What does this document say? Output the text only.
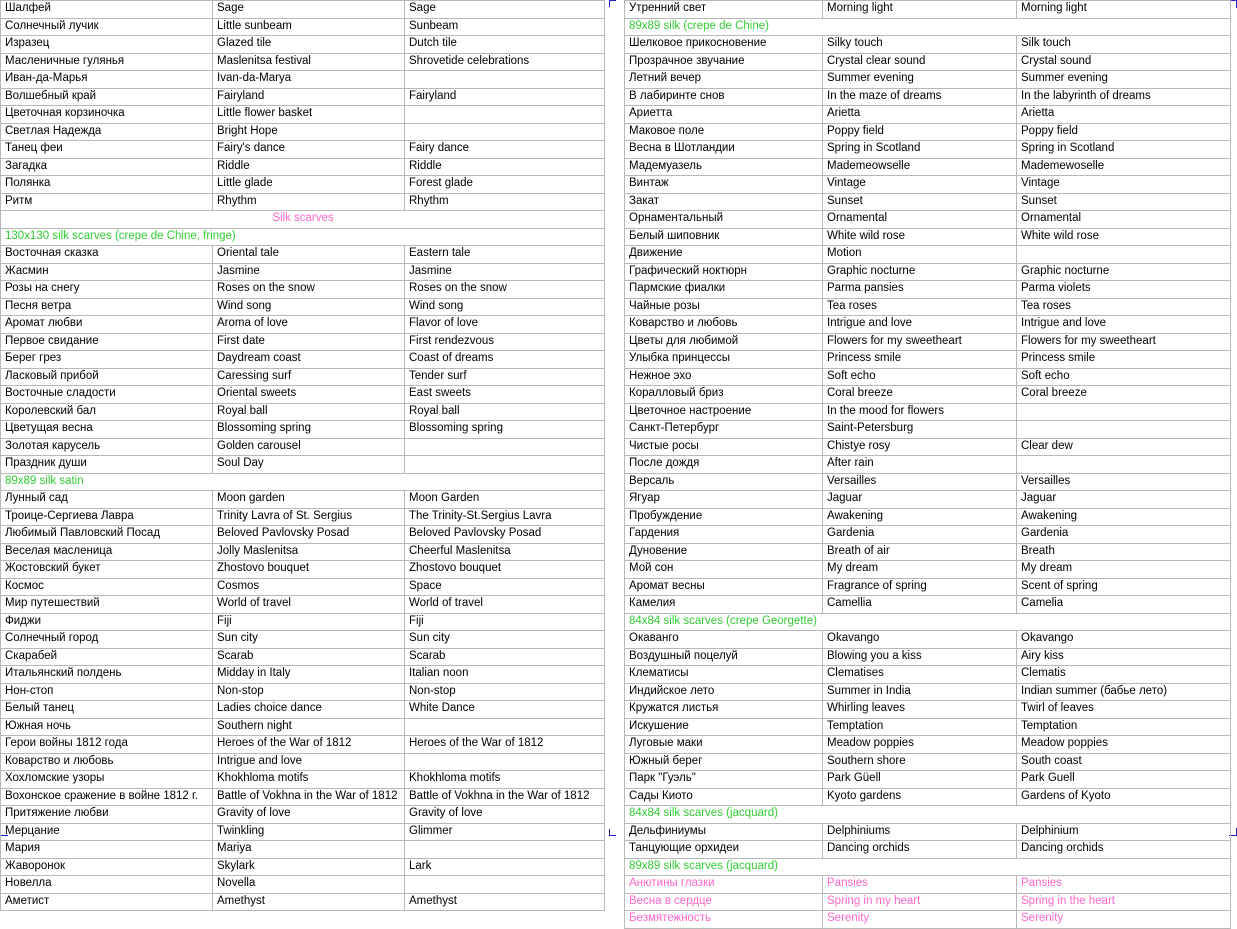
Шалфей	Sage	Sage
Солнечный лучик	Little sunbeam	Sunbeam
Изразец	Glazed tile	Dutch tile
Масленичные гулянья	Maslenitsa festival	Shrovetide celebrations
Иван-да-Марья	Ivan-da-Marya	
Волшебный край	Fairyland	Fairyland
Цветочная корзиночка	Little flower basket	
Светлая Надежда	Bright Hope	
Танец феи	Fairy's dance	Fairy dance
Загадка	Riddle	Riddle
Полянка	Little glade	Forest glade
Ритм	Rhythm	Rhythm
Silk scarves		
130x130 silk scarves (crepe de Chine, fringe)		
Восточная сказка	Oriental tale	Eastern tale
Жасмин	Jasmine	Jasmine
Розы на снегу	Roses on the snow	Roses on the snow
Песня ветра	Wind song	Wind song
Аромат любви	Aroma of love	Flavor of love
Первое свидание	First date	First rendezvous
Берег грез	Daydream coast	Coast of dreams
Ласковый прибой	Caressing surf	Tender surf
Восточные сладости	Oriental sweets	East sweets
Королевский бал	Royal ball	Royal ball
Цветущая весна	Blossoming spring	Blossoming spring
Золотая карусель	Golden carousel	
Праздник души	Soul Day	
89x89 silk satin		
Лунный сад	Moon garden	Moon Garden
Троице-Сергиева Лавра	Trinity Lavra of St. Sergius	The Trinity-St.Sergius Lavra
Любимый Павловский Посад	Beloved Pavlovsky Posad	Beloved Pavlovsky Posad
Веселая масленица	Jolly Maslenitsa	Cheerful Maslenitsa
Жостовский букет	Zhostovo bouquet	Zhostovo bouquet
Космос	Cosmos	Space
Мир путешествий	World of travel	World of travel
Фиджи	Fiji	Fiji
Солнечный город	Sun city	Sun city
Скарабей	Scarab	Scarab
Итальянский полдень	Midday in Italy	Italian noon
Нон-стоп	Non-stop	Non-stop
Белый танец	Ladies choice dance	White Dance
Южная ночь	Southern night	
Герои войны 1812 года	Heroes of the War of 1812	Heroes of the War of 1812
Коварство и любовь	Intrigue and love	
Хохломские узоры	Khokhloma motifs	Khokhloma motifs
Вохонское сражение в войне 1812 г.	Battle of Vokhna in the War of 1812	Battle of Vokhna in the War of 1812
Притяжение любви	Gravity of love	Gravity of love
Мерцание	Twinkling	Glimmer
Мария	Mariya	
Жаворонок	Skylark	Lark
Новелла	Novella	
Аметист	Amethyst	Amethyst
Утренний свет	Morning light	Morning light
89x89 silk (crepe de Chine)		
Шелковое прикосновение	Silky touch	Silk touch
Прозрачное звучание	Crystal clear sound	Crystal sound
Летний вечер	Summer evening	Summer evening
В лабиринте снов	In the maze of dreams	In the labyrinth of dreams
Ариетта	Arietta	Arietta
Маковое поле	Poppy field	Poppy field
Весна в Шотландии	Spring in Scotland	Spring in Scotland
Мадемуазель	Mademeowselle	Mademewoselle
Винтаж	Vintage	Vintage
Закат	Sunset	Sunset
Орнаментальный	Ornamental	Ornamental
Белый шиповник	White wild rose	White wild rose
Движение	Motion	
Графический ноктюрн	Graphic nocturne	Graphic nocturne
Пармские фиалки	Parma pansies	Parma violets
Чайные розы	Tea roses	Tea roses
Коварство и любовь	Intrigue and love	Intrigue and love
Цветы для любимой	Flowers for my sweetheart	Flowers for my sweetheart
Улыбка принцессы	Princess smile	Princess smile
Нежное эхо	Soft echo	Soft echo
Коралловый бриз	Coral breeze	Coral breeze
Цветочное настроение	In the mood for flowers	
Санкт-Петербург	Saint-Petersburg	
Чистые росы	Chistye rosy	Clear dew
После дождя	After rain	
Версаль	Versailles	Versailles
Ягуар	Jaguar	Jaguar
Пробуждение	Awakening	Awakening
Гардения	Gardenia	Gardenia
Дуновение	Breath of air	Breath
Мой сон	My dream	My dream
Аромат весны	Fragrance of spring	Scent of spring
Камелия	Camellia	Camelia
84x84 silk scarves (crepe Georgette)		
Окаванго	Okavango	Okavango
Воздушный поцелуй	Blowing you a kiss	Airy kiss
Клематисы	Clematises	Clematis
Индийское лето	Summer in India	Indian summer (бабье лето)
Кружатся листья	Whirling leaves	Twirl of leaves
Искушение	Temptation	Temptation
Луговые маки	Meadow poppies	Meadow poppies
Южный берег	Southern shore	South coast
Парк "Гуэль"	Park Güell	Park Guell
Сады Киото	Kyoto gardens	Gardens of Kyoto
84x84 silk scarves (jacquard)		
Дельфиниумы	Delphiniums	Delphinium
Танцующие орхидеи	Dancing orchids	Dancing orchids
89x89 silk scarves (jacquard)		
Анютины глазки	Pansies	Pansies
Весна в сердце	Spring in my heart	Spring in the heart
Безмятежность	Serenity	Serenity
